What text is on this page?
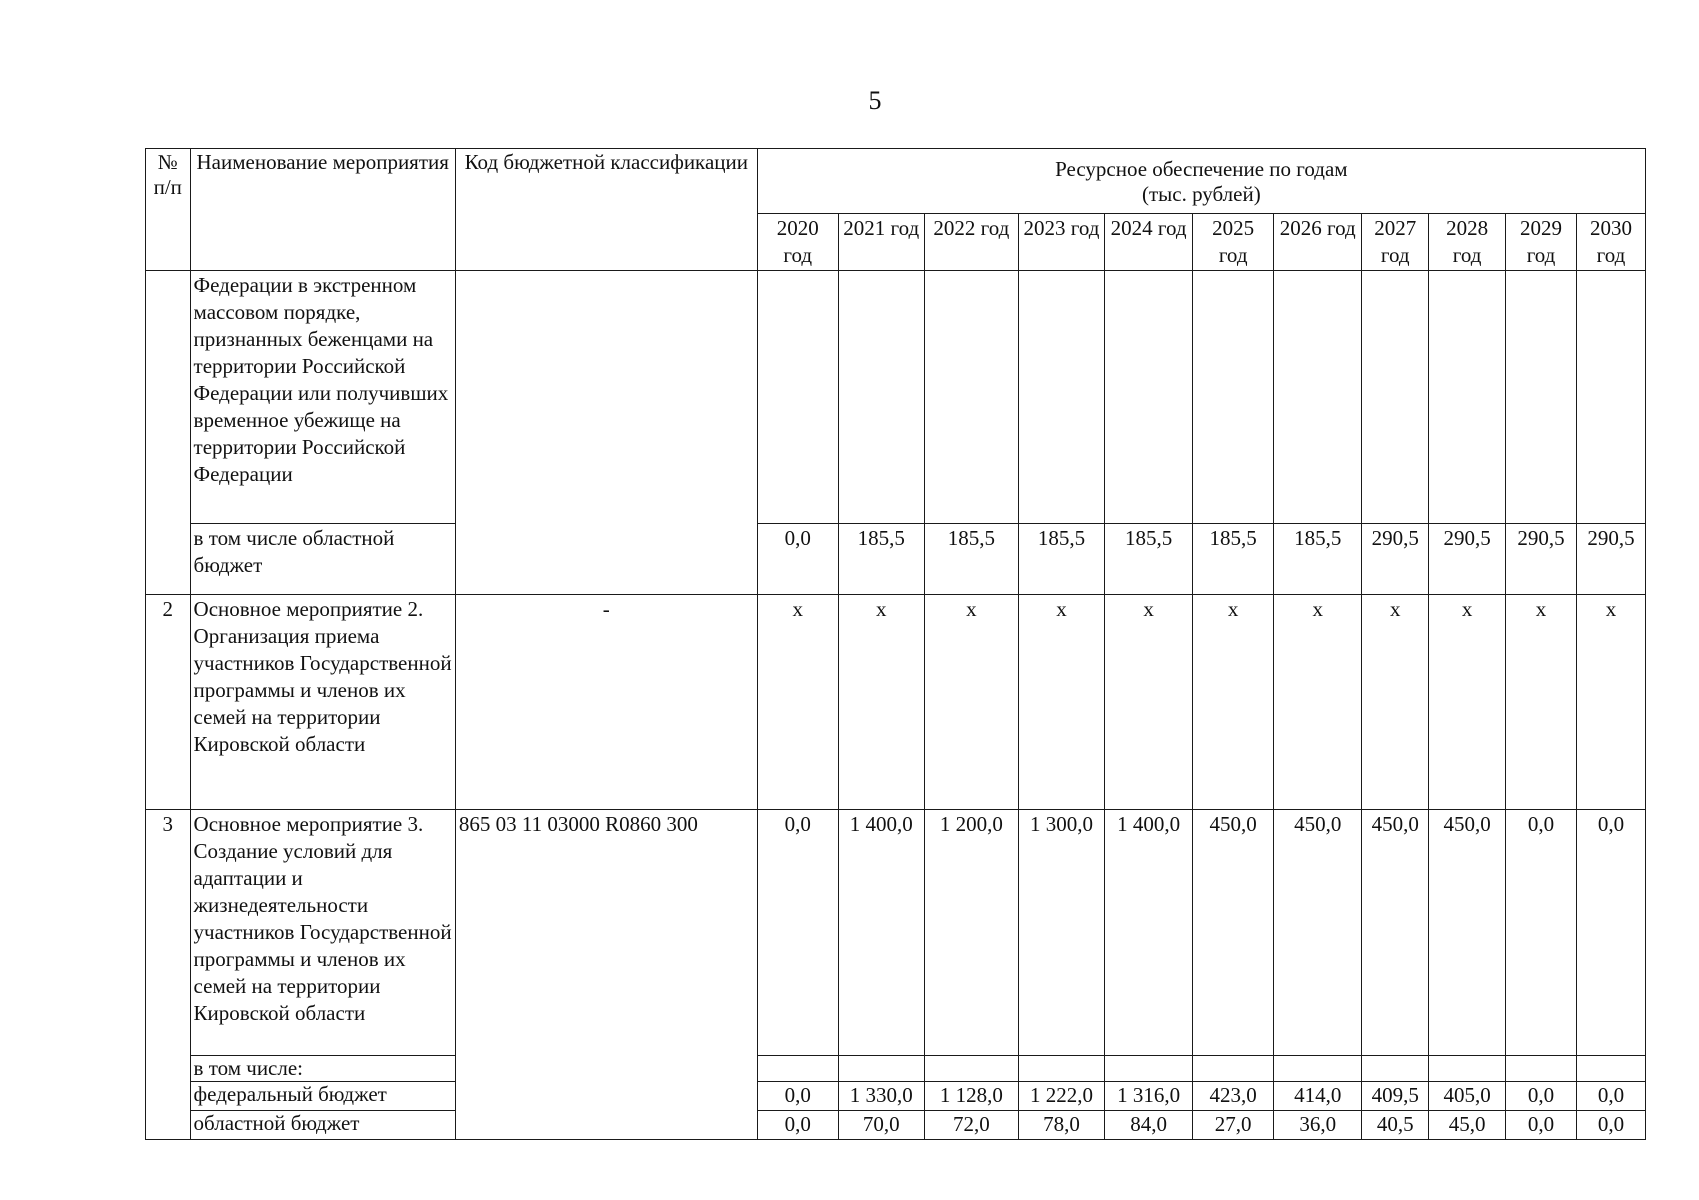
5
№ п/п	Наименование мероприятия	Код бюджетной классификации	Ресурсное обеспечение по годам
(тыс. рублей)										

			2020 год	2021 год	2022 год	2023 год	2024 год	2025 год	2026 год	2027 год	2028 год	2029 год	2030 год
	Федерации в экстренном массовом порядке, признанных беженцами на территории Российской Федерации или получивших временное убежище на территории Российской Федерации												
	в том числе областной бюджет		0,0	185,5	185,5	185,5	185,5	185,5	185,5	290,5	290,5	290,5	290,5
2	Основное мероприятие 2. Организация приема участников Государственной программы и членов их семей на территории Кировской области	-	x	x	x	x	x	x	x	x	x	x	x
3	Основное мероприятие 3. Создание условий для адаптации и жизнедеятельности участников Государственной программы и членов их семей на территории Кировской области	865 03 11 03000 R0860 300	0,0	1 400,0	1 200,0	1 300,0	1 400,0	450,0	450,0	450,0	450,0	0,0	0,0
	в том числе:												
	федеральный бюджет		0,0	1 330,0	1 128,0	1 222,0	1 316,0	423,0	414,0	409,5	405,0	0,0	0,0
	областной бюджет		0,0	70,0	72,0	78,0	84,0	27,0	36,0	40,5	45,0	0,0	0,0
